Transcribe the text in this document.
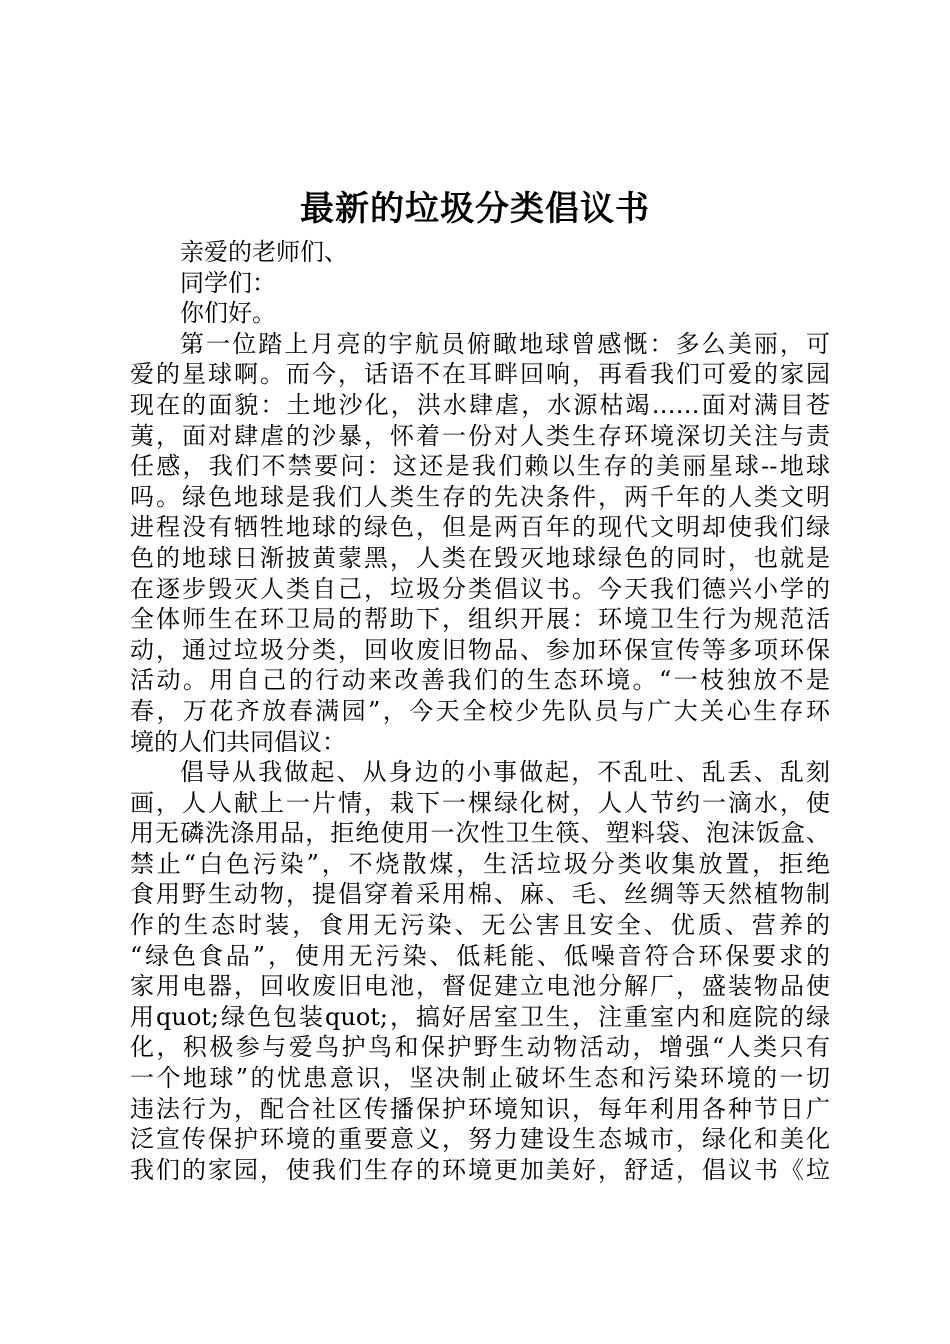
最新的垃圾分类倡议书
亲爱的老师们、
同学们：
你们好。
第一位踏上月亮的宇航员俯瞰地球曾感慨：多么美丽，可
爱的星球啊。而今，话语不在耳畔回响，再看我们可爱的家园
现在的面貌：土地沙化，洪水肆虐，水源枯竭……面对满目苍
荑，面对肆虐的沙暴，怀着一份对人类生存环境深切关注与责
任感，我们不禁要问：这还是我们赖以生存的美丽星球--地球
吗。绿色地球是我们人类生存的先决条件，两千年的人类文明
进程没有牺牲地球的绿色，但是两百年的现代文明却使我们绿
色的地球日渐披黄蒙黑，人类在毁灭地球绿色的同时，也就是
在逐步毁灭人类自己，垃圾分类倡议书。今天我们德兴小学的
全体师生在环卫局的帮助下，组织开展：环境卫生行为规范活
动，通过垃圾分类，回收废旧物品、参加环保宣传等多项环保
活动。用自己的行动来改善我们的生态环境。“一枝独放不是
春，万花齐放春满园”，今天全校少先队员与广大关心生存环
境的人们共同倡议：
倡导从我做起、从身边的小事做起，不乱吐、乱丢、乱刻
画，人人献上一片情，栽下一棵绿化树，人人节约一滴水，使
用无磷洗涤用品，拒绝使用一次性卫生筷、塑料袋、泡沫饭盒、
禁止“白色污染”，不烧散煤，生活垃圾分类收集放置，拒绝
食用野生动物，提倡穿着采用棉、麻、毛、丝绸等天然植物制
作的生态时装，食用无污染、无公害且安全、优质、营养的
“绿色食品”，使用无污染、低耗能、低噪音符合环保要求的
家用电器，回收废旧电池，督促建立电池分解厂，盛装物品使
用quot;绿色包装quot;，搞好居室卫生，注重室内和庭院的绿
化，积极参与爱鸟护鸟和保护野生动物活动，增强“人类只有
一个地球”的忧患意识，坚决制止破坏生态和污染环境的一切
违法行为，配合社区传播保护环境知识，每年利用各种节日广
泛宣传保护环境的重要意义，努力建设生态城市，绿化和美化
我们的家园，使我们生存的环境更加美好，舒适，倡议书《垃
